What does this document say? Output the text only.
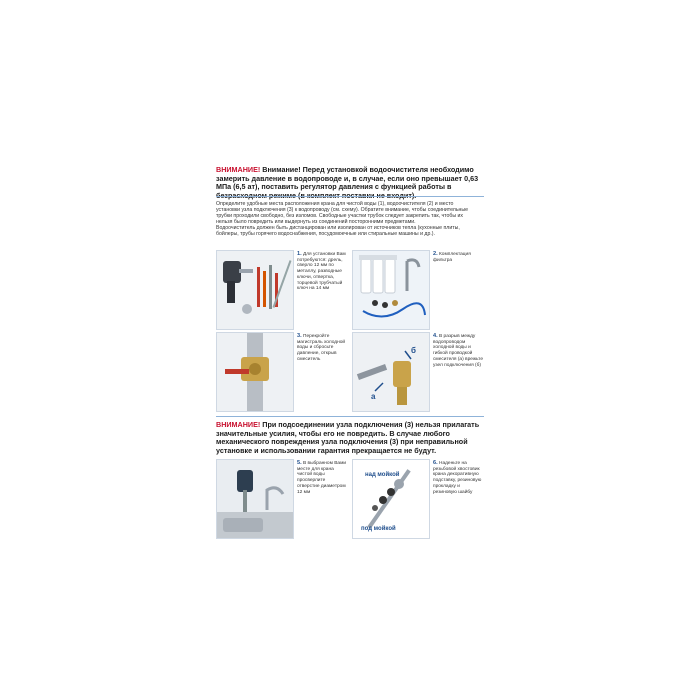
ВНИМАНИЕ! Внимание! Перед установкой водоочистителя необходимо замерить давление в водопроводе и, в случае, если оно превышает 0,63 МПа (6,5 ат), поставить регулятор давления с функцией работы в

Определите удобные места расположения крана для чистой воды (1), водоочистителя (2) и место установки узла подключения (3) к водопроводу (см. схему). Обратите внимание, чтобы соединительные трубки проходили свободно, без изломов. Свободные участки трубок следует закрепить так, чтобы их нельзя было повредить или выдернуть из соединений посторонними предметами.

Водоочиститель должен быть дистанцирован или изолирован от источников тепла (кухонные плиты, бойлеры, трубы горячего водоснабжения, посудомоечные или стиральные машины и др.).

1. Для установки Вам потребуются: дрель, сверло 12 мм по металлу, разводные ключи, отвертка, торцевой трубчатый ключ на 14 мм
2. Комплектация фильтра
3. Перекройте магистраль холодной воды и сбросьте давление, открыв смеситель
б
а
4. В разрыв между водопроводом холодной воды и гибкой проводкой смесителя (а) врежьте узел подключения (б)
ВНИМАНИЕ! При подсоединении узла подключения (3) нельзя прилагать значительные усилия, чтобы его не повредить. В случае любого механического повреждения узла подключения (3) при неправильной установке и использовании гарантия прекращается не будут.
5. В выбранном Вами месте для крана чистой воды просверлите отверстие диаметром 12 мм
над мойкой
под мойкой
6. Наденьте на резьбовой хвостовик крана декоративную подставку, резиновую прокладку и резиновую шайбу
